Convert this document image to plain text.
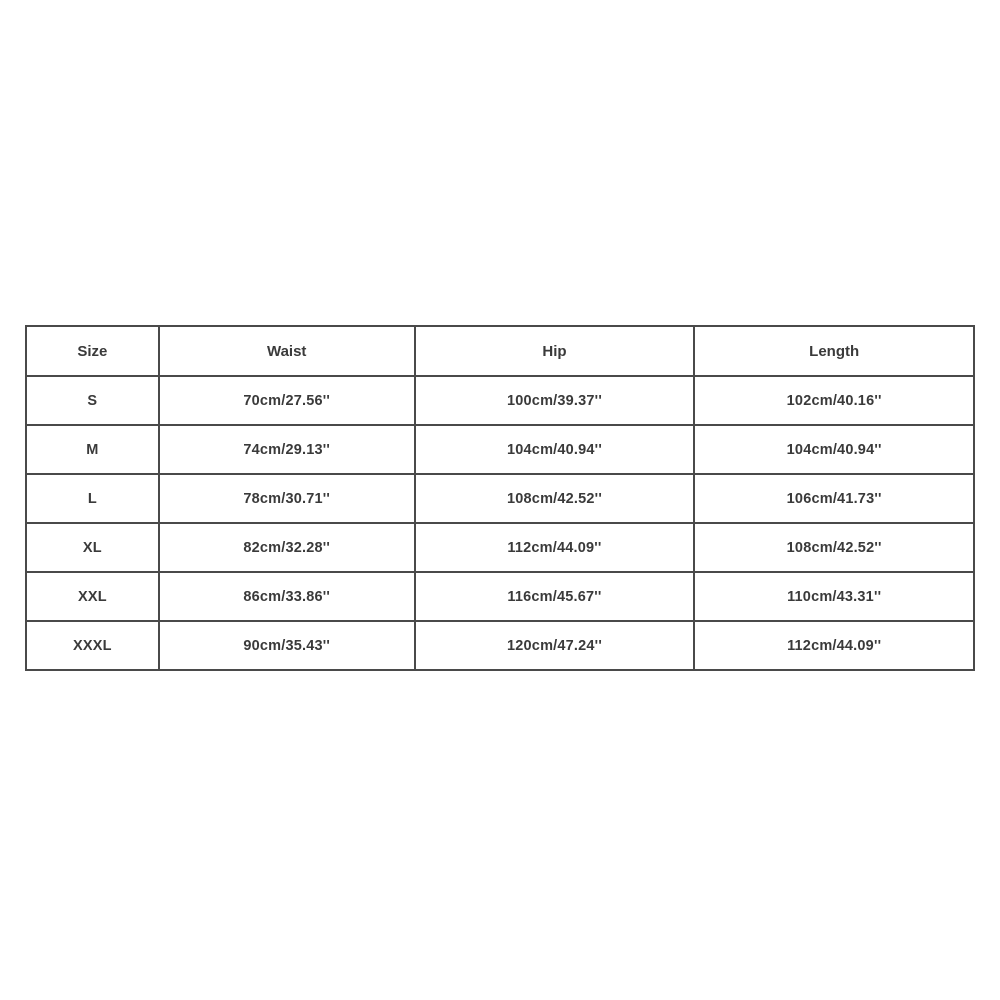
Size	Waist	Hip	Length
S	70cm/27.56''	100cm/39.37''	102cm/40.16''
M	74cm/29.13''	104cm/40.94''	104cm/40.94''
L	78cm/30.71''	108cm/42.52''	106cm/41.73''
XL	82cm/32.28''	112cm/44.09''	108cm/42.52''
XXL	86cm/33.86''	116cm/45.67''	110cm/43.31''
XXXL	90cm/35.43''	120cm/47.24''	112cm/44.09''
